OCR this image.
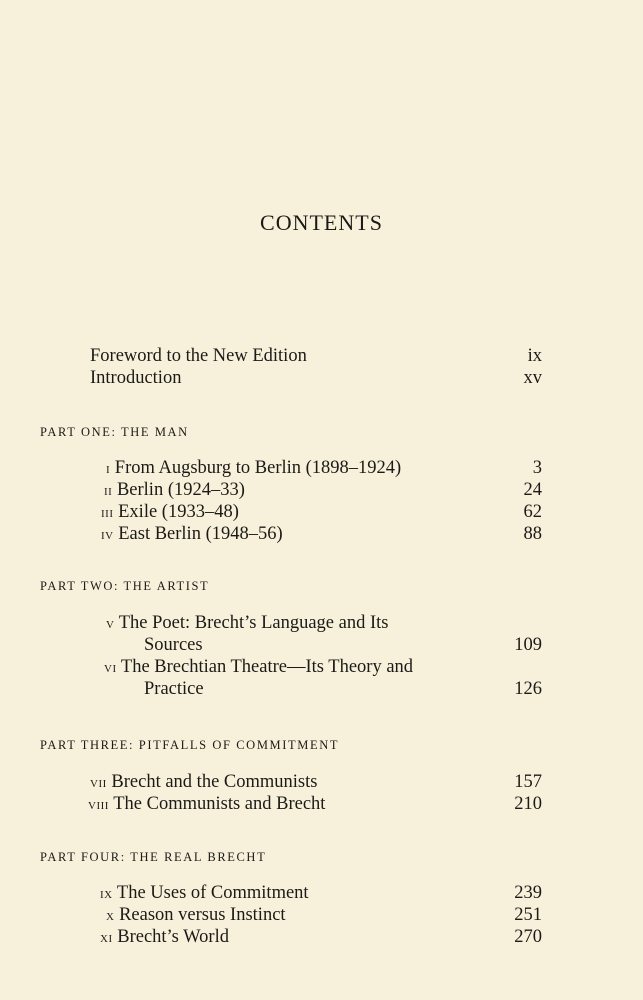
CONTENTS
Foreword to the New Edition	ix
Introduction	xv
PART ONE: THE MAN
i From Augsburg to Berlin (1898–1924)	3
ii Berlin (1924–33)	24
iii Exile (1933–48)	62
iv East Berlin (1948–56)	88
PART TWO: THE ARTIST
v The Poet: Brecht’s Language and Its
Sources	109
vi The Brechtian Theatre—Its Theory and
Practice	126
PART THREE: PITFALLS OF COMMITMENT
vii Brecht and the Communists	157
viii The Communists and Brecht	210
PART FOUR: THE REAL BRECHT
ix The Uses of Commitment	239
x Reason versus Instinct	251
xi Brecht’s World	270
